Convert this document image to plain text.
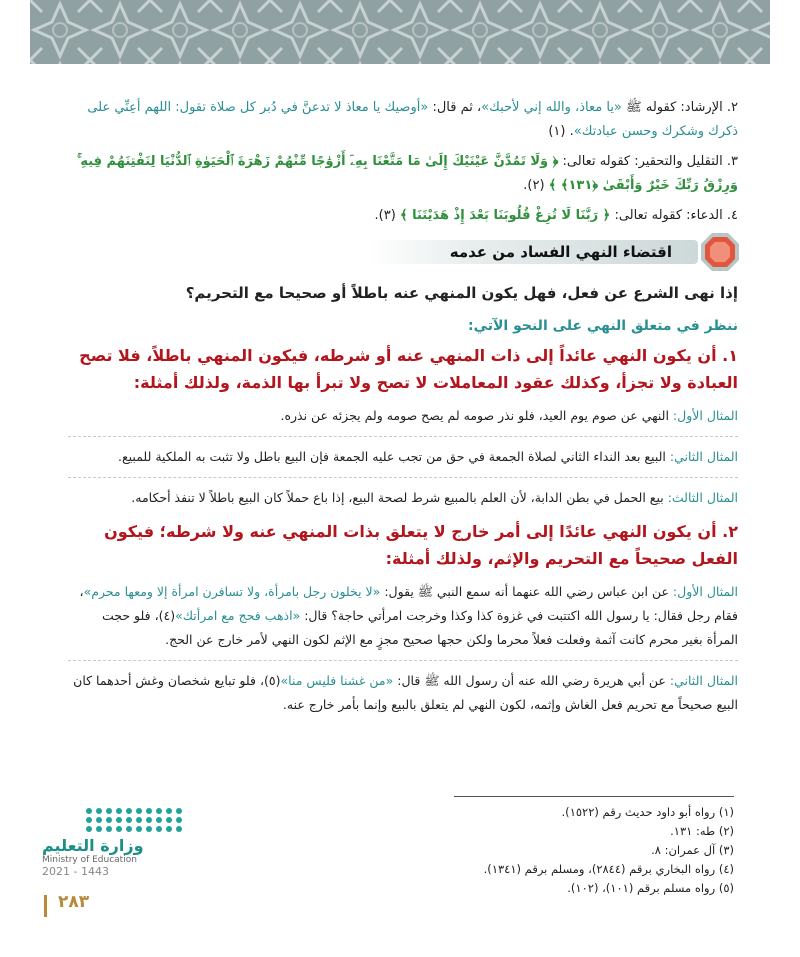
٢. الإرشاد: كقوله ﷺ «يا معاذ، والله إني لأحبك»، ثم قال: «أوصيك يا معاذ لا تدعنَّ في دُبر كل صلاة تقول: اللهم أعِنِّي على ذكرك وشكرك وحسن عبادتك». (١)

٣. التقليل والتحقير: كقوله تعالى: ﴿ وَلَا تَمُدَّنَّ عَيْنَيْكَ إِلَىٰ مَا مَتَّعْنَا بِهِۦٓ أَزْوَٰجًا مِّنْهُمْ زَهْرَةَ ٱلْحَيَوٰةِ ٱلدُّنْيَا لِنَفْتِنَهُمْ فِيهِ ۚ وَرِزْقُ رَبِّكَ خَيْرٌ وَأَبْقَىٰ ﴿١٣١﴾ ﴾ (٢).

٤. الدعاء: كقوله تعالى: ﴿ رَبَّنَا لَا تُزِغْ قُلُوبَنَا بَعْدَ إِذْ هَدَيْتَنَا ﴾ (٣).

اقتضاء النهي الفساد من عدمه

إذا نهى الشرع عن فعل، فهل يكون المنهي عنه باطلاً أو صحيحا مع التحريم؟

ننظر في متعلق النهي على النحو الآتي:

١. أن يكون النهي عائداً إلى ذات المنهي عنه أو شرطه، فيكون المنهي باطلاً، فلا تصح العبادة ولا تجزأ، وكذلك عقود المعاملات لا تصح ولا تبرأ بها الذمة، ولذلك أمثلة:

المثال الأول: النهي عن صوم يوم العيد، فلو نذر صومه لم يصح صومه ولم يجزئه عن نذره.

المثال الثاني: البيع بعد النداء الثاني لصلاة الجمعة في حق من تجب عليه الجمعة فإن البيع باطل ولا تثبت به الملكية للمبيع.

المثال الثالث: بيع الحمل في بطن الدابة، لأن العلم بالمبيع شرط لصحة البيع، إذا باع حملاً كان البيع باطلاً لا تنفذ أحكامه.

٢. أن يكون النهي عائدًا إلى أمر خارج لا يتعلق بذات المنهي عنه ولا شرطه؛ فيكون الفعل صحيحاً مع التحريم والإثم، ولذلك أمثلة:

المثال الأول: عن ابن عباس رضي الله عنهما أنه سمع النبي ﷺ يقول: «لا يخلون رجل بامرأة، ولا تسافرن امرأة إلا ومعها محرم»، فقام رجل فقال: يا رسول الله اكتتبت في غزوة كذا وكذا وخرجت امرأتي حاجة؟ قال: «اذهب فحج مع امرأتك»(٤)، فلو حجت المرأة بغير محرم كانت آثمة وفعلت فعلاً محرما ولكن حجها صحيح مجزٍ مع الإثم لكون النهي لأمر خارج عن الحج.

المثال الثاني: عن أبي هريرة رضي الله عنه أن رسول الله ﷺ قال: «من غشنا فليس منا»(٥)، فلو تبايع شخصان وغش أحدهما كان البيع صحيحاً مع تحريم فعل الغاش وإثمه، لكون النهي لم يتعلق بالبيع وإنما بأمر خارج عنه.

(١) رواه أبو داود حديث رقم (١٥٢٢).
(٢) طه: ١٣١.
(٣) آل عمران: ٨.
(٤) رواه البخاري برقم (٢٨٤٤)، ومسلم برقم (١٣٤١).
(٥) رواه مسلم برقم (١٠١)، (١٠٢).
وزارة التعليم
Ministry of Education
2021 - 1443
٢٨٣
